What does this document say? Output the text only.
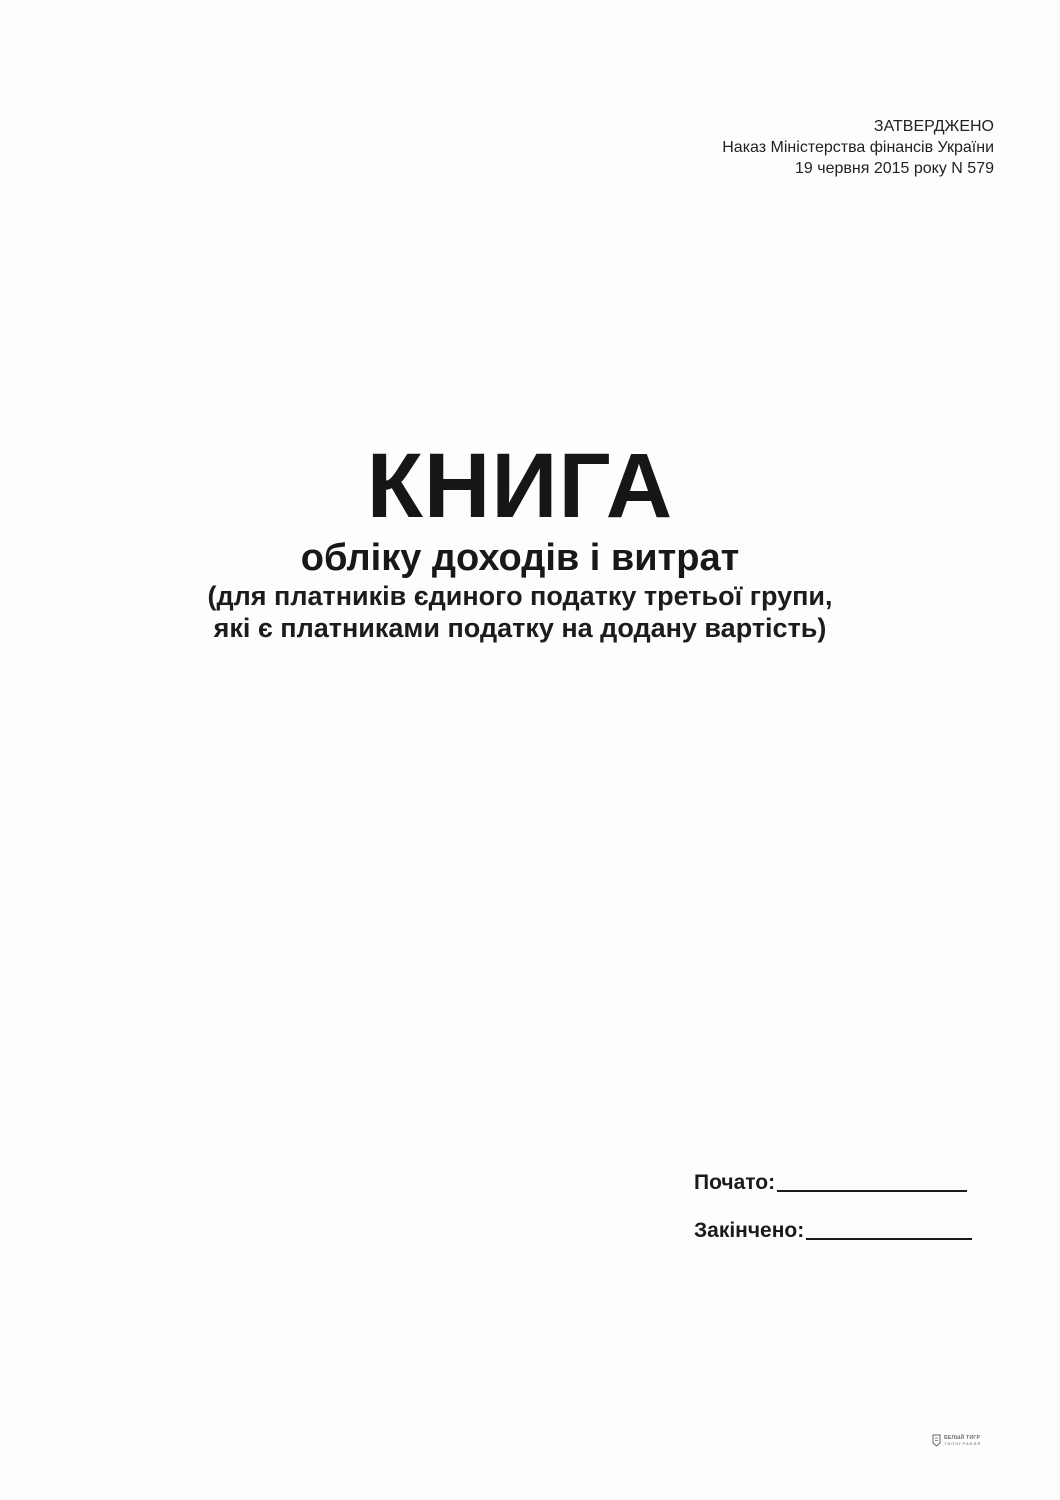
ЗАТВЕРДЖЕНО
Наказ Міністерства фінансів України
19 червня 2015 року N 579
КНИГА
обліку доходів і витрат
(для платників єдиного податку третьої групи,
які є платниками податку на додану вартість)
Почато:
Закінчено:
БЕЛЫЙ ТИГР
ТИПОГРАФИЯ
